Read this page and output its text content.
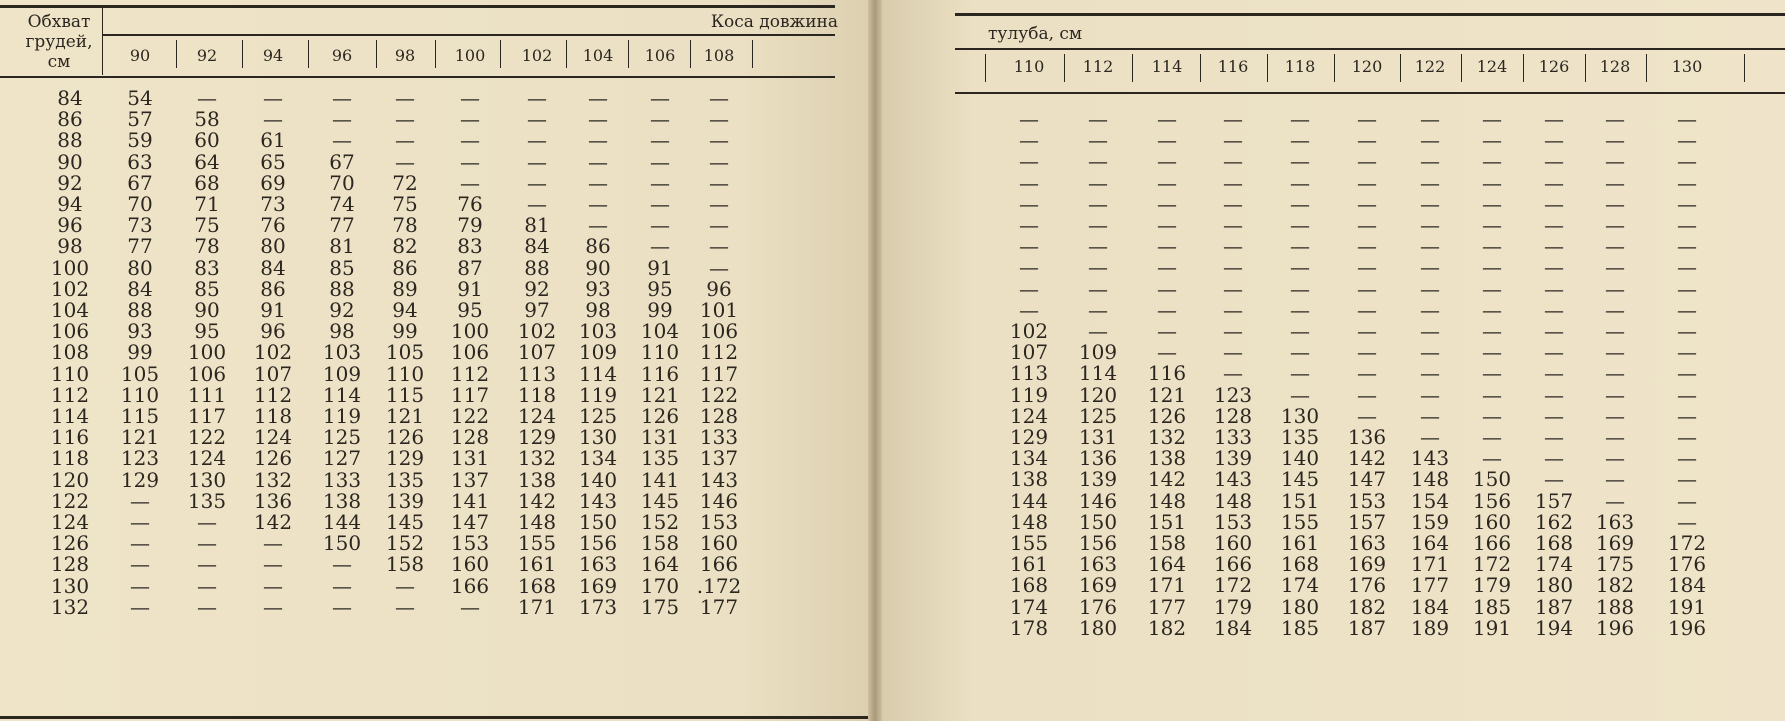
Обхват
грудей,
см
Коса довжина
90	92	94	96	98	100	102	104	106	108
84	54	—	—	—	—	—	—	—	—	—
86	57	58	—	—	—	—	—	—	—	—
88	59	60	61	—	—	—	—	—	—	—
90	63	64	65	67	—	—	—	—	—	—
92	67	68	69	70	72	—	—	—	—	—
94	70	71	73	74	75	76	—	—	—	—
96	73	75	76	77	78	79	81	—	—	—
98	77	78	80	81	82	83	84	86	—	—
100	80	83	84	85	86	87	88	90	91	—
102	84	85	86	88	89	91	92	93	95	96
104	88	90	91	92	94	95	97	98	99	101
106	93	95	96	98	99	100	102	103	104	106
108	99	100	102	103	105	106	107	109	110	112
110	105	106	107	109	110	112	113	114	116	117
112	110	111	112	114	115	117	118	119	121	122
114	115	117	118	119	121	122	124	125	126	128
116	121	122	124	125	126	128	129	130	131	133
118	123	124	126	127	129	131	132	134	135	137
120	129	130	132	133	135	137	138	140	141	143
122	—	135	136	138	139	141	142	143	145	146
124	—	—	142	144	145	147	148	150	152	153
126	—	—	—	150	152	153	155	156	158	160
128	—	—	—	—	158	160	161	163	164	166
130	—	—	—	—	—	166	168	169	170 .172
132	—	—	—	—	—	—	171	173	175	177
тулуба, см
110	112	114	116	118	120	122	124	126	128	130
—	—	—	—	—	—	—	—	—	—	—
—	—	—	—	—	—	—	—	—	—	—
—	—	—	—	—	—	—	—	—	—	—
—	—	—	—	—	—	—	—	—	—	—
—	—	—	—	—	—	—	—	—	—	—
—	—	—	—	—	—	—	—	—	—	—
—	—	—	—	—	—	—	—	—	—	—
—	—	—	—	—	—	—	—	—	—	—
—	—	—	—	—	—	—	—	—	—	—
—	—	—	—	—	—	—	—	—	—	—
102	—	—	—	—	—	—	—	—	—	—
107	109	—	—	—	—	—	—	—	—	—
113	114	116	—	—	—	—	—	—	—	—
119	120	121	123	—	—	—	—	—	—	—
124	125	126	128	130	—	—	—	—	—	—
129	131	132	133	135	136	—	—	—	—	—
134	136	138	139	140	142	143	—	—	—	—
138	139	142	143	145	147	148	150	—	—	—
144	146	148	148	151	153	154	156	157	—	—
148	150	151	153	155	157	159	160	162	163	—
155	156	158	160	161	163	164	166	168	169	172
161	163	164	166	168	169	171	172	174	175	176
168	169	171	172	174	176	177	179	180	182	184
174	176	177	179	180	182	184	185	187	188	191
178	180	182	184	185	187	189	191	194	196	196
